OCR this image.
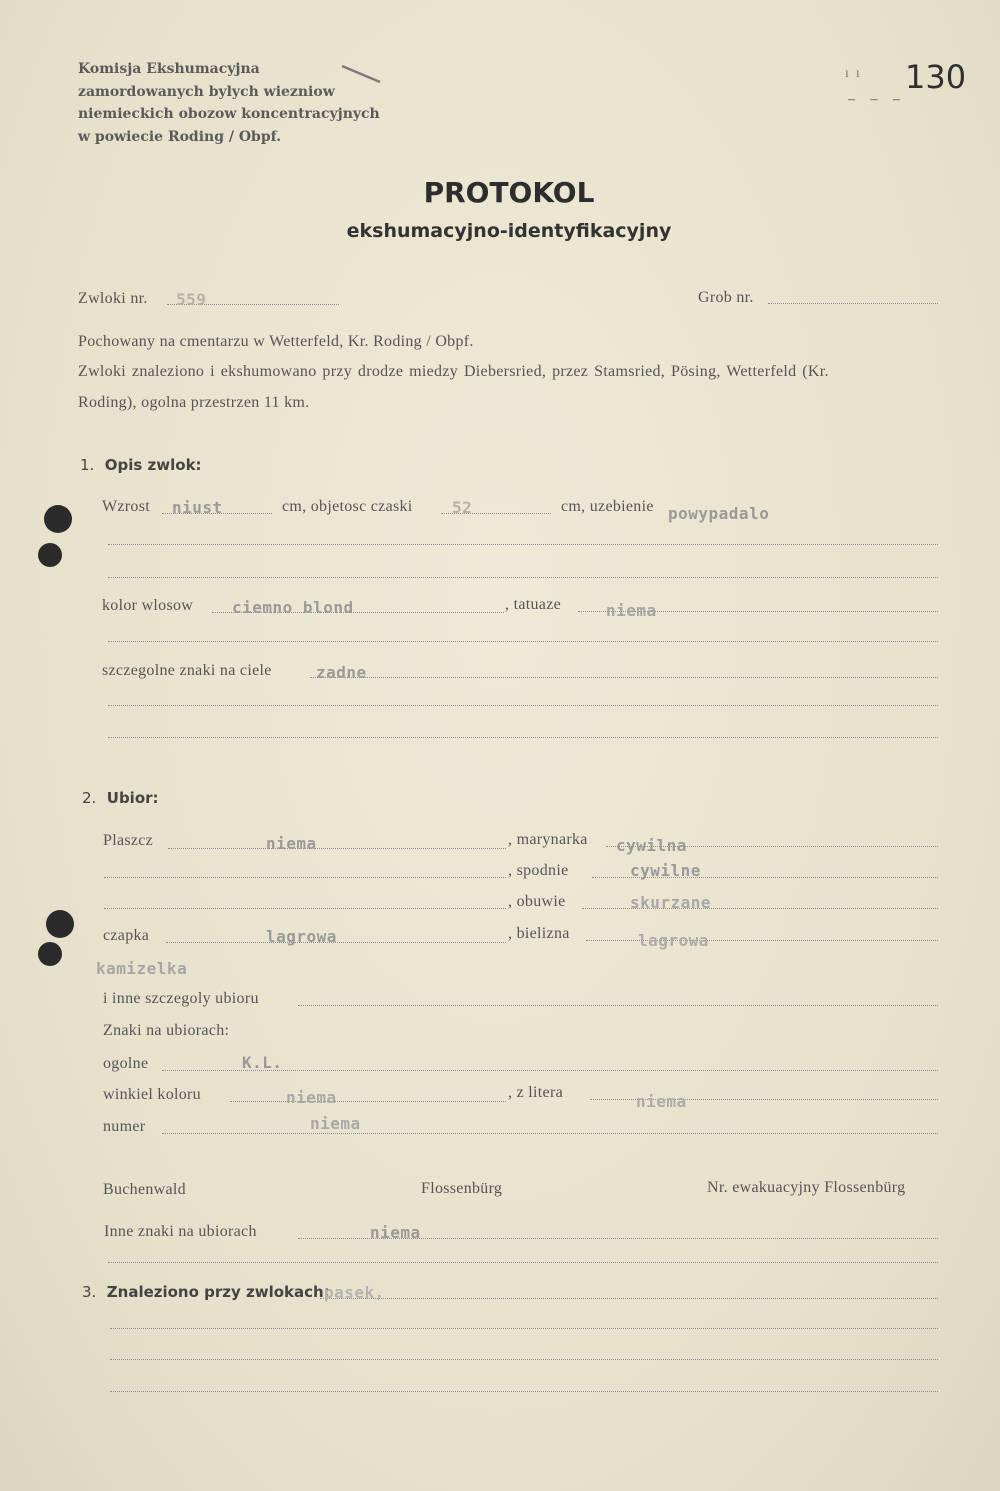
Komisja Ekshumacyjna
zamordowanych bylych wiezniow
niemieckich obozow koncentracyjnych
w powiecie Roding / Obpf.
130
ı  ı
‒ ‒ ‒
PROTOKOL
ekshumacyjno-identyfikacyjny
Zwloki nr. 559	Grob nr.
Pochowany na cmentarzu w Wetterfeld, Kr. Roding / Obpf.
Zwloki znaleziono i ekshumowano przy drodze miedzy Diebersried, przez Stamsried, Pösing, Wetterfeld (Kr.
Roding), ogolna przestrzen 11 km.
1. Opis zwlok:
Wzrost niust	cm, objetosc czaski 52	cm, uzebienie powypadalo
kolor wlosow ciemno blond	, tatuaze	niema
szczegolne znaki na ciele	zadne
2. Ubior:
Plaszcz	niema	, marynarka cywilna
, spodnie	cywilne
, obuwie	skurzane
czapka	lagrowa	, bielizna	lagrowa
kamizelka
i inne szczegoly ubioru
Znaki na ubiorach:
ogolne	K.L.
winkiel koloru	niema	, z litera	niema
numer	niema
Buchenwald	Flossenbürg	Nr. ewakuacyjny Flossenbürg
Inne znaki na ubiorach	niema
3. Znaleziono przy zwlokach:
pasek,
